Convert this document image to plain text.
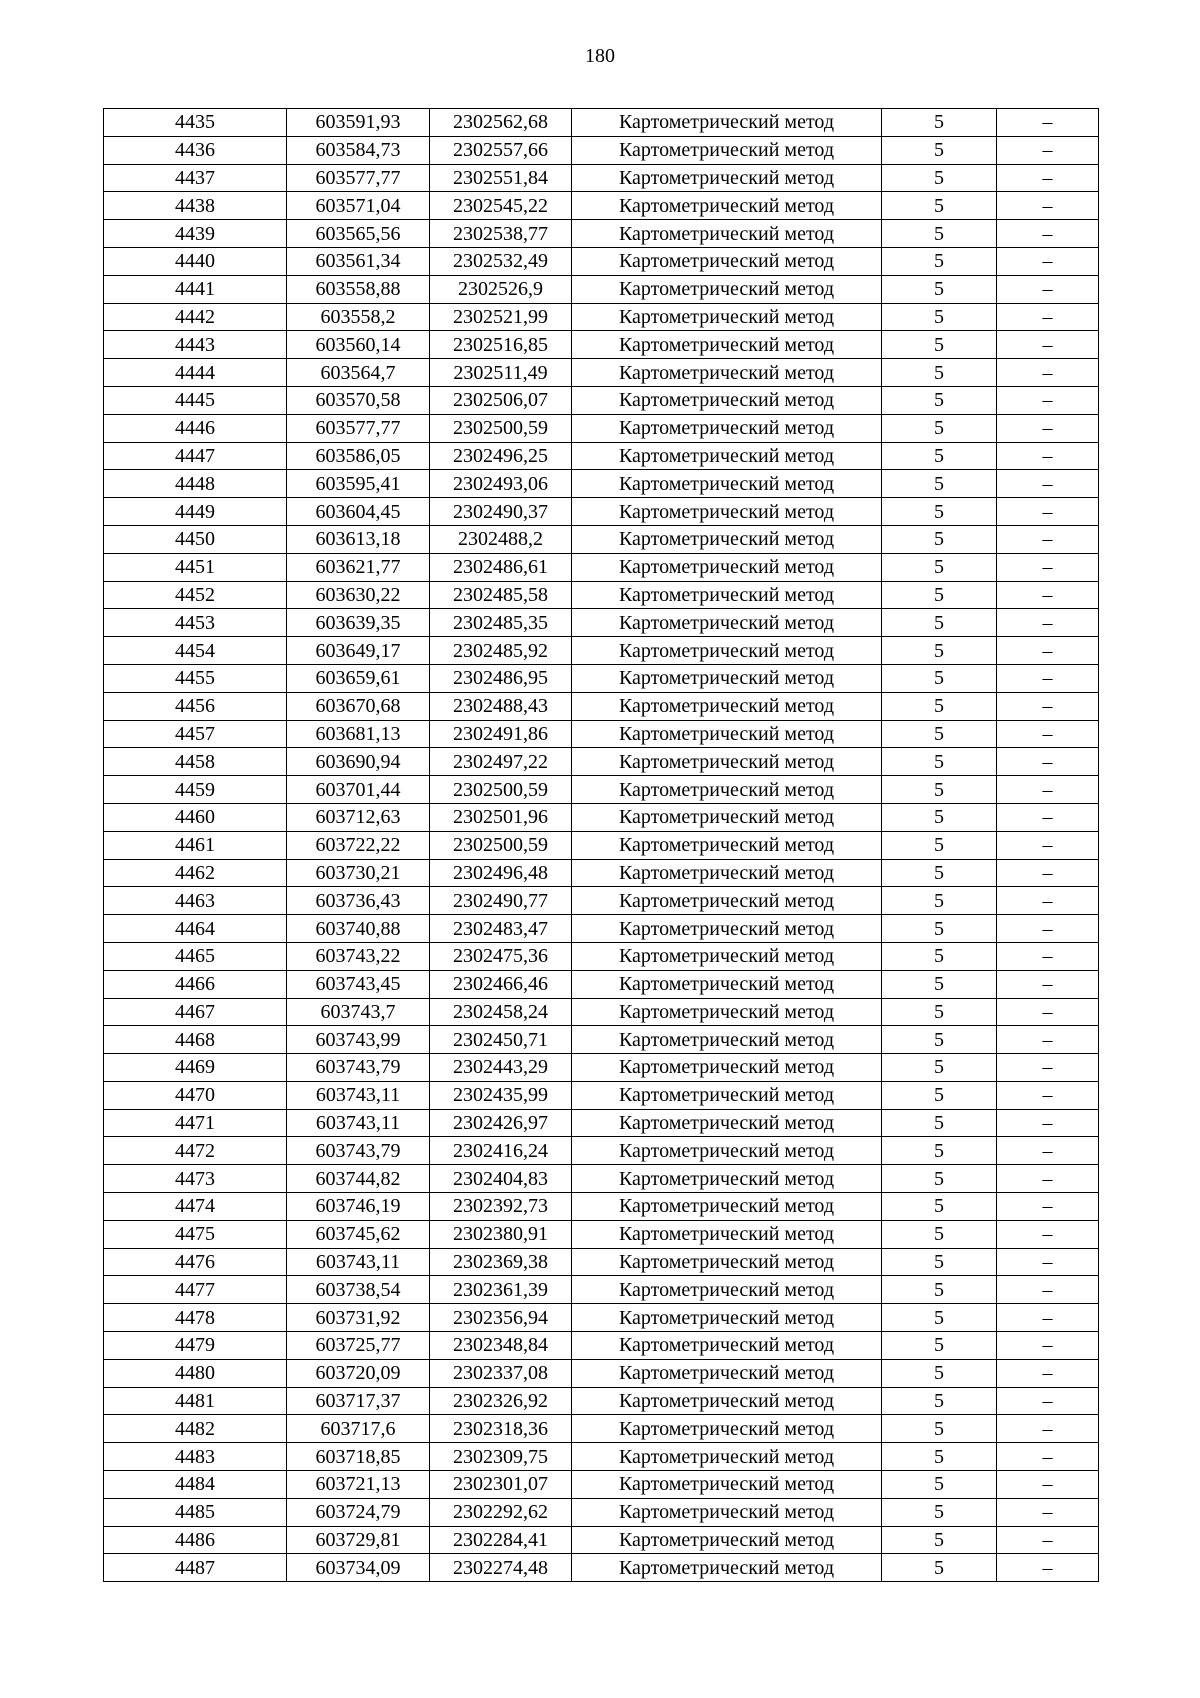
180
4435	603591,93	2302562,68	Картометрический метод	5	–
4436	603584,73	2302557,66	Картометрический метод	5	–
4437	603577,77	2302551,84	Картометрический метод	5	–
4438	603571,04	2302545,22	Картометрический метод	5	–
4439	603565,56	2302538,77	Картометрический метод	5	–
4440	603561,34	2302532,49	Картометрический метод	5	–
4441	603558,88	2302526,9	Картометрический метод	5	–
4442	603558,2	2302521,99	Картометрический метод	5	–
4443	603560,14	2302516,85	Картометрический метод	5	–
4444	603564,7	2302511,49	Картометрический метод	5	–
4445	603570,58	2302506,07	Картометрический метод	5	–
4446	603577,77	2302500,59	Картометрический метод	5	–
4447	603586,05	2302496,25	Картометрический метод	5	–
4448	603595,41	2302493,06	Картометрический метод	5	–
4449	603604,45	2302490,37	Картометрический метод	5	–
4450	603613,18	2302488,2	Картометрический метод	5	–
4451	603621,77	2302486,61	Картометрический метод	5	–
4452	603630,22	2302485,58	Картометрический метод	5	–
4453	603639,35	2302485,35	Картометрический метод	5	–
4454	603649,17	2302485,92	Картометрический метод	5	–
4455	603659,61	2302486,95	Картометрический метод	5	–
4456	603670,68	2302488,43	Картометрический метод	5	–
4457	603681,13	2302491,86	Картометрический метод	5	–
4458	603690,94	2302497,22	Картометрический метод	5	–
4459	603701,44	2302500,59	Картометрический метод	5	–
4460	603712,63	2302501,96	Картометрический метод	5	–
4461	603722,22	2302500,59	Картометрический метод	5	–
4462	603730,21	2302496,48	Картометрический метод	5	–
4463	603736,43	2302490,77	Картометрический метод	5	–
4464	603740,88	2302483,47	Картометрический метод	5	–
4465	603743,22	2302475,36	Картометрический метод	5	–
4466	603743,45	2302466,46	Картометрический метод	5	–
4467	603743,7	2302458,24	Картометрический метод	5	–
4468	603743,99	2302450,71	Картометрический метод	5	–
4469	603743,79	2302443,29	Картометрический метод	5	–
4470	603743,11	2302435,99	Картометрический метод	5	–
4471	603743,11	2302426,97	Картометрический метод	5	–
4472	603743,79	2302416,24	Картометрический метод	5	–
4473	603744,82	2302404,83	Картометрический метод	5	–
4474	603746,19	2302392,73	Картометрический метод	5	–
4475	603745,62	2302380,91	Картометрический метод	5	–
4476	603743,11	2302369,38	Картометрический метод	5	–
4477	603738,54	2302361,39	Картометрический метод	5	–
4478	603731,92	2302356,94	Картометрический метод	5	–
4479	603725,77	2302348,84	Картометрический метод	5	–
4480	603720,09	2302337,08	Картометрический метод	5	–
4481	603717,37	2302326,92	Картометрический метод	5	–
4482	603717,6	2302318,36	Картометрический метод	5	–
4483	603718,85	2302309,75	Картометрический метод	5	–
4484	603721,13	2302301,07	Картометрический метод	5	–
4485	603724,79	2302292,62	Картометрический метод	5	–
4486	603729,81	2302284,41	Картометрический метод	5	–
4487	603734,09	2302274,48	Картометрический метод	5	–
